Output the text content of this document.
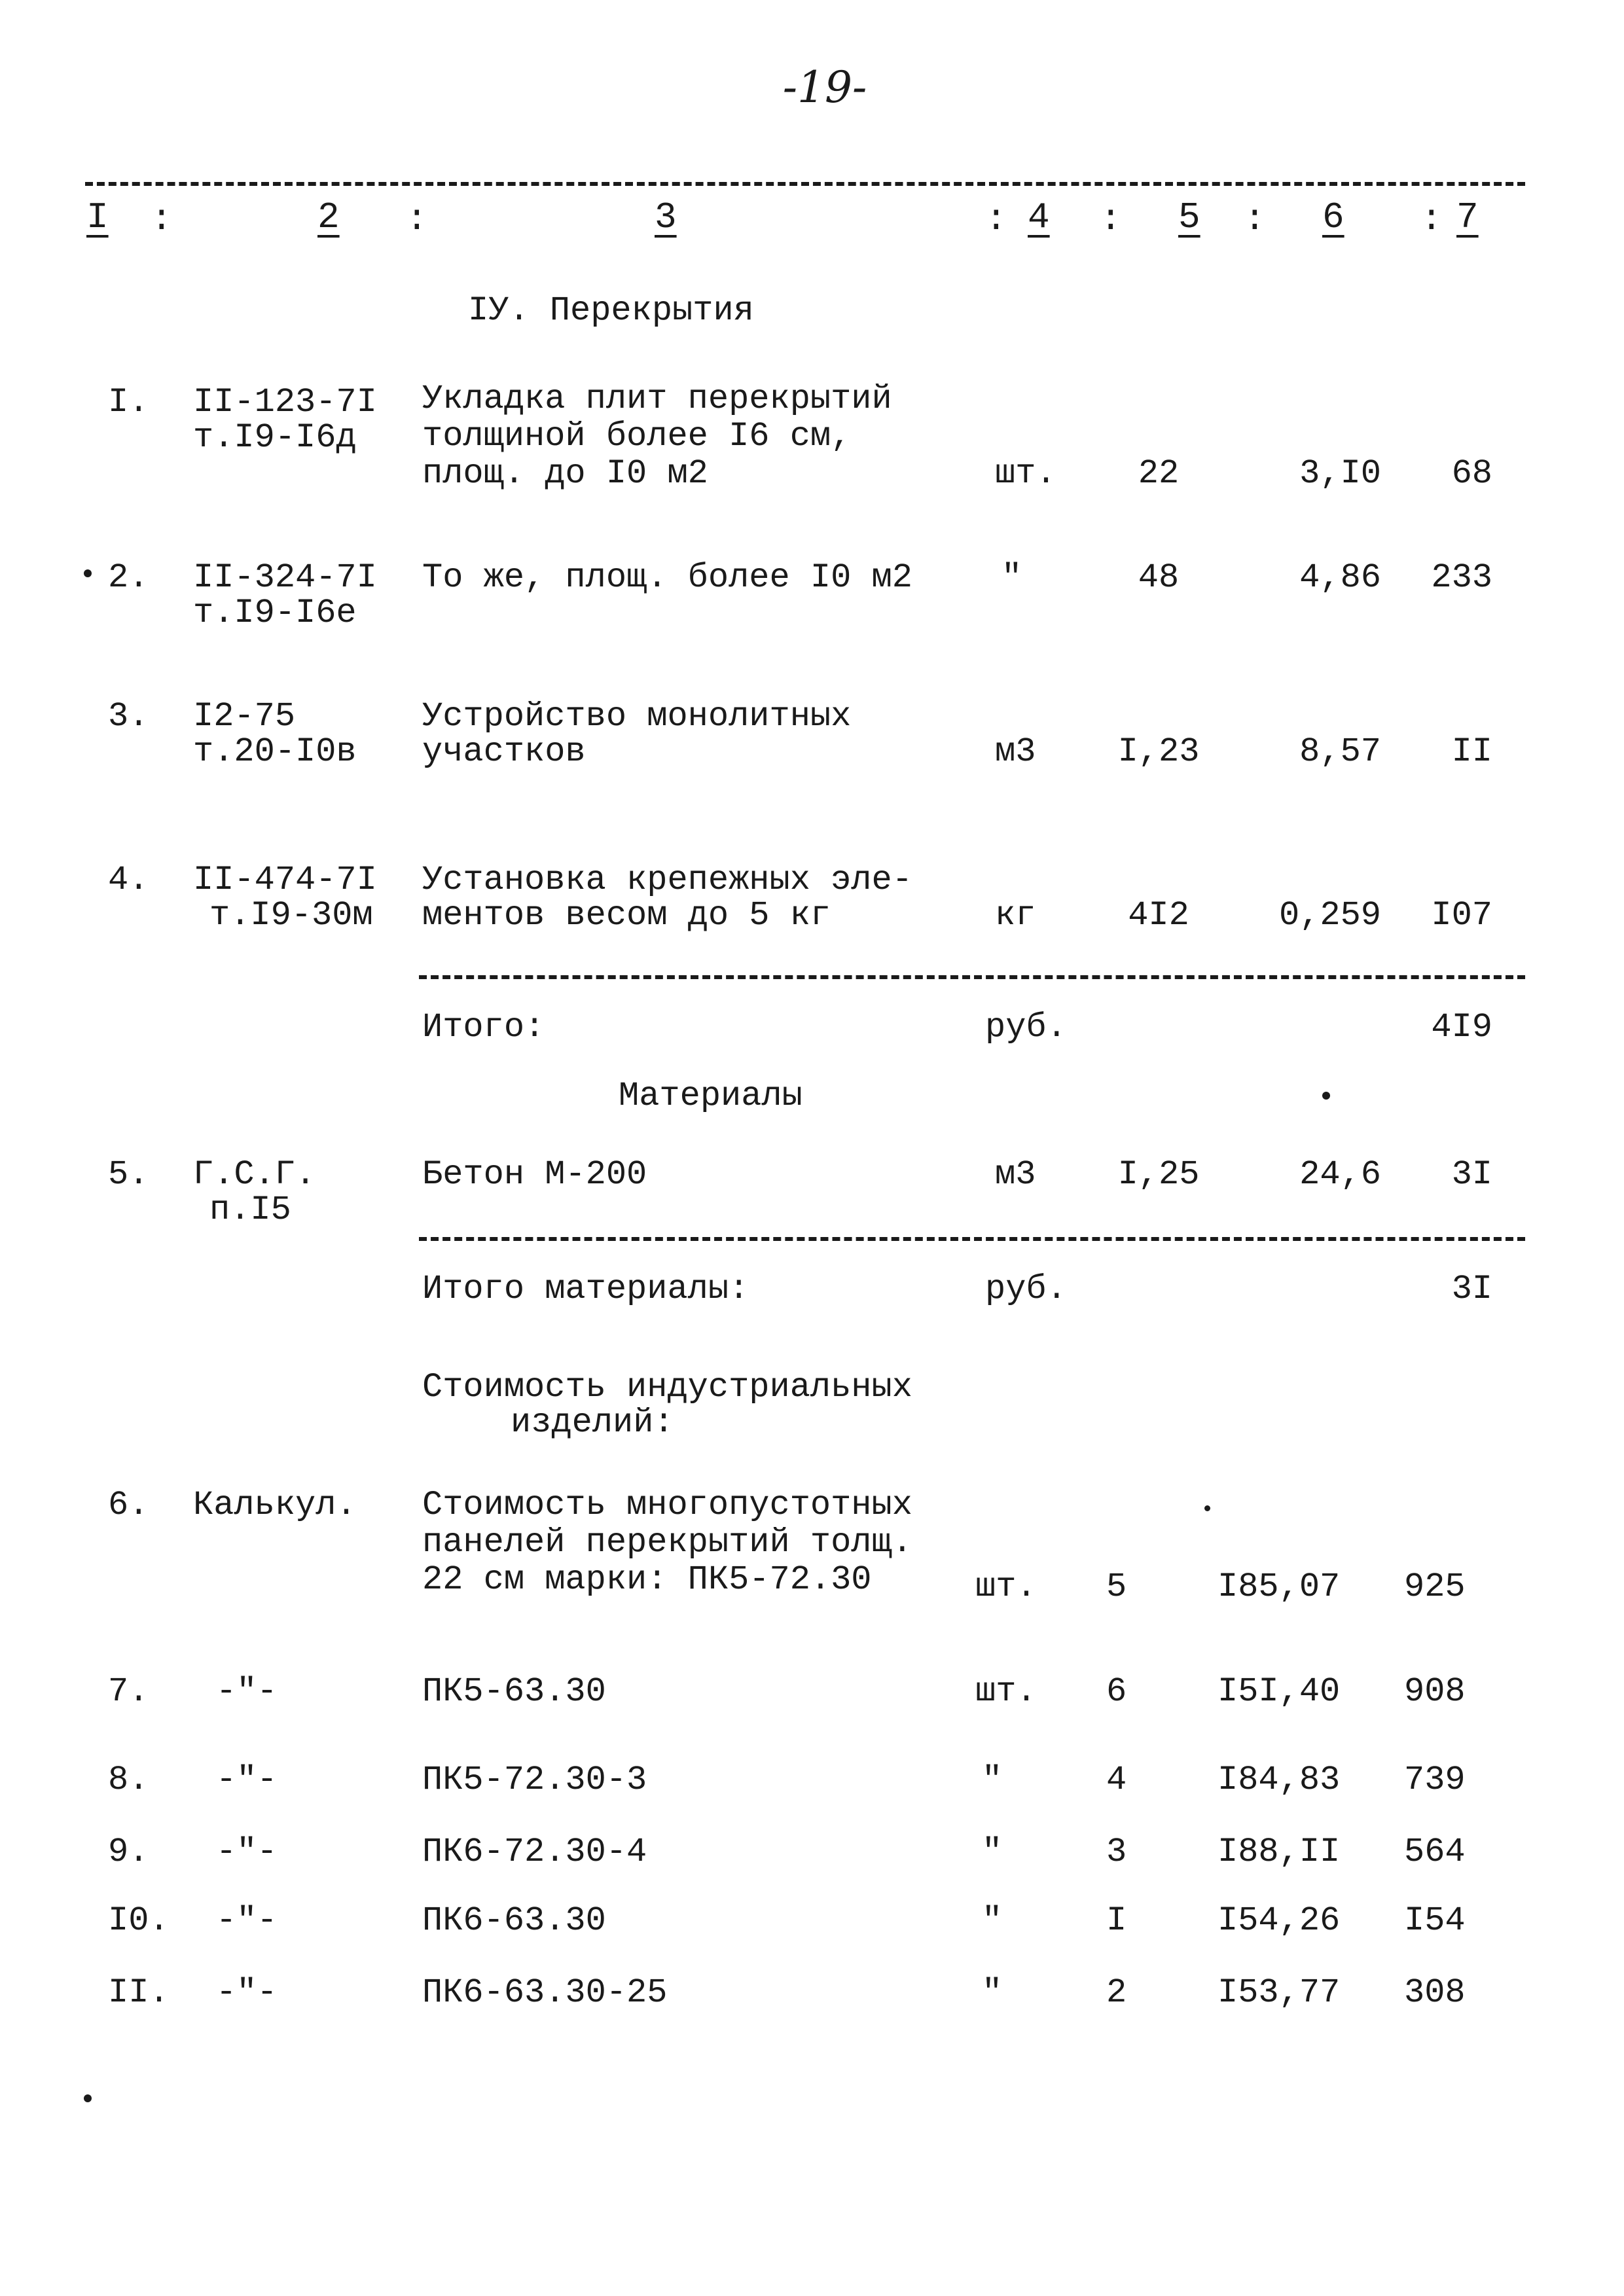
-19-
I	2	3	4	5	6	7
:	:	:	:	:	:
IУ. Перекрытия
I. II-123-7I
т.I9-I6д
Укладка плит перекрытий
толщиной более I6 см,
площ. до I0 м2	шт.	22	3,I0	68
2. II-324-7I
т.I9-I6е
То же, площ. более I0 м2	"	48	4,86	233
3. I2-75
т.20-I0в
Устройство монолитных
участков	м3	I,23	8,57	II
4. II-474-7I
т.I9-30м
Установка крепежных эле-
ментов весом до 5 кг	кг	4I2	0,259	I07
Итого:	руб.	4I9
Материалы
5. Г.С.Г.
п.I5
Бетон М-200	м3	I,25	24,6	3I
Итого материалы:	руб.	3I
Стоимость индустриальных
изделий:
6. Калькул. Стоимость многопустотных
панелей перекрытий толщ.
22 см марки: ПК5-72.30	шт. 5	I85,07 925
7. -"-	ПК5-63.30	шт. 6	I5I,40 908
8. -"-	ПК5-72.30-3	"	4	I84,83 739
9. -"-	ПК6-72.30-4	"	3	I88,II 564
I0. -"-	ПК6-63.30	"	I	I54,26 I54
II. -"-	ПК6-63.30-25	"	2	I53,77 308
